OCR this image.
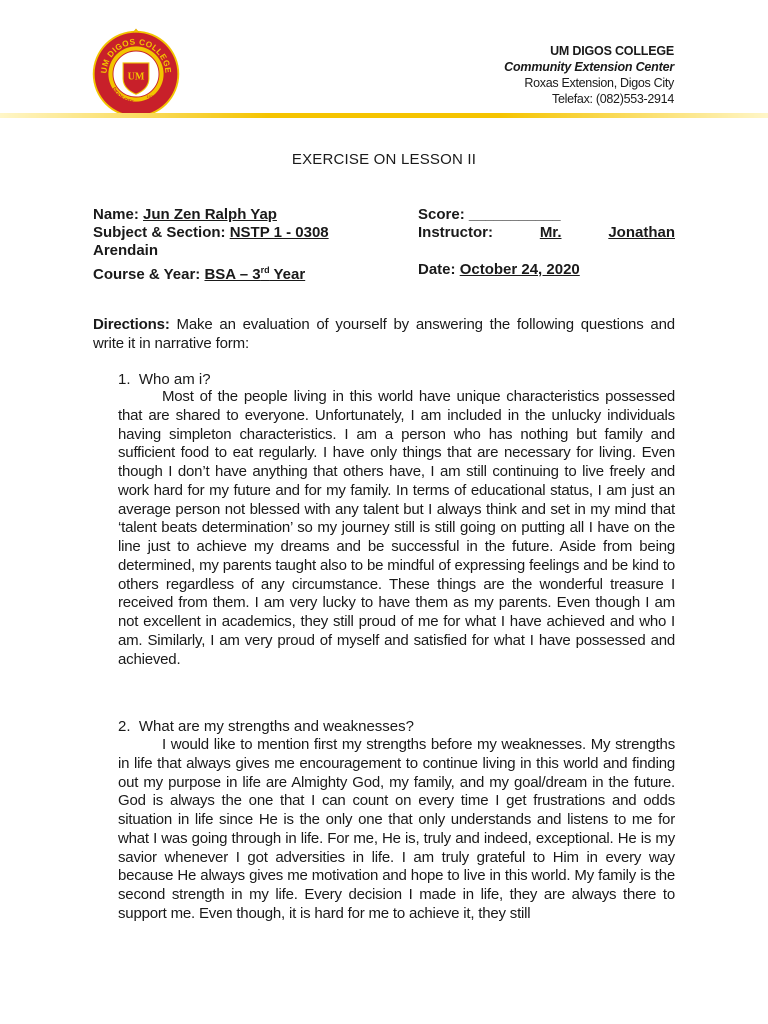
UM
UM DIGOS COLLEGE
DIGOS CITY
1978
UM DIGOS COLLEGE
Community Extension Center
Roxas Extension, Digos City
Telefax: (082)553-2914
EXERCISE ON LESSON II
Name: Jun Zen Ralph Yap	Score: ___________
Subject & Section: NSTP 1 - 0308	Instructor:	Mr.	Jonathan
Arendain
Course & Year: BSA – 3rd Year	Date: October 24, 2020
Directions: Make an evaluation of yourself by answering the following questions and write it in narrative form:
1. Who am i?
Most of the people living in this world have unique characteristics possessed that are shared to everyone. Unfortunately, I am included in the unlucky individuals having simpleton characteristics. I am a person who has nothing but family and sufficient food to eat regularly. I have only things that are necessary for living. Even though I don’t have anything that others have, I am still continuing to live freely and work hard for my future and for my family. In terms of educational status, I am just an average person not blessed with any talent but I always think and set in my mind that ‘talent beats determination’ so my journey still is still going on putting all I have on the line just to achieve my dreams and be successful in the future. Aside from being determined, my parents taught also to be mindful of expressing feelings and be kind to others regardless of any circumstance. These things are the wonderful treasure I received from them. I am very lucky to have them as my parents. Even though I am not excellent in academics, they still proud of me for what I have achieved and who I am. Similarly, I am very proud of myself and satisfied for what I have possessed and achieved.
2. What are my strengths and weaknesses?
I would like to mention first my strengths before my weaknesses. My strengths in life that always gives me encouragement to continue living in this world and finding out my purpose in life are Almighty God, my family, and my goal/dream in the future. God is always the one that I can count on every time I get frustrations and odds situation in life since He is the only one that only understands and listens to me for what I was going through in life. For me, He is, truly and indeed, exceptional. He is my savior whenever I got adversities in life. I am truly grateful to Him in every way because He always gives me motivation and hope to live in this world. My family is the second strength in my life. Every decision I made in life, they are always there to support me. Even though, it is hard for me to achieve it, they still
